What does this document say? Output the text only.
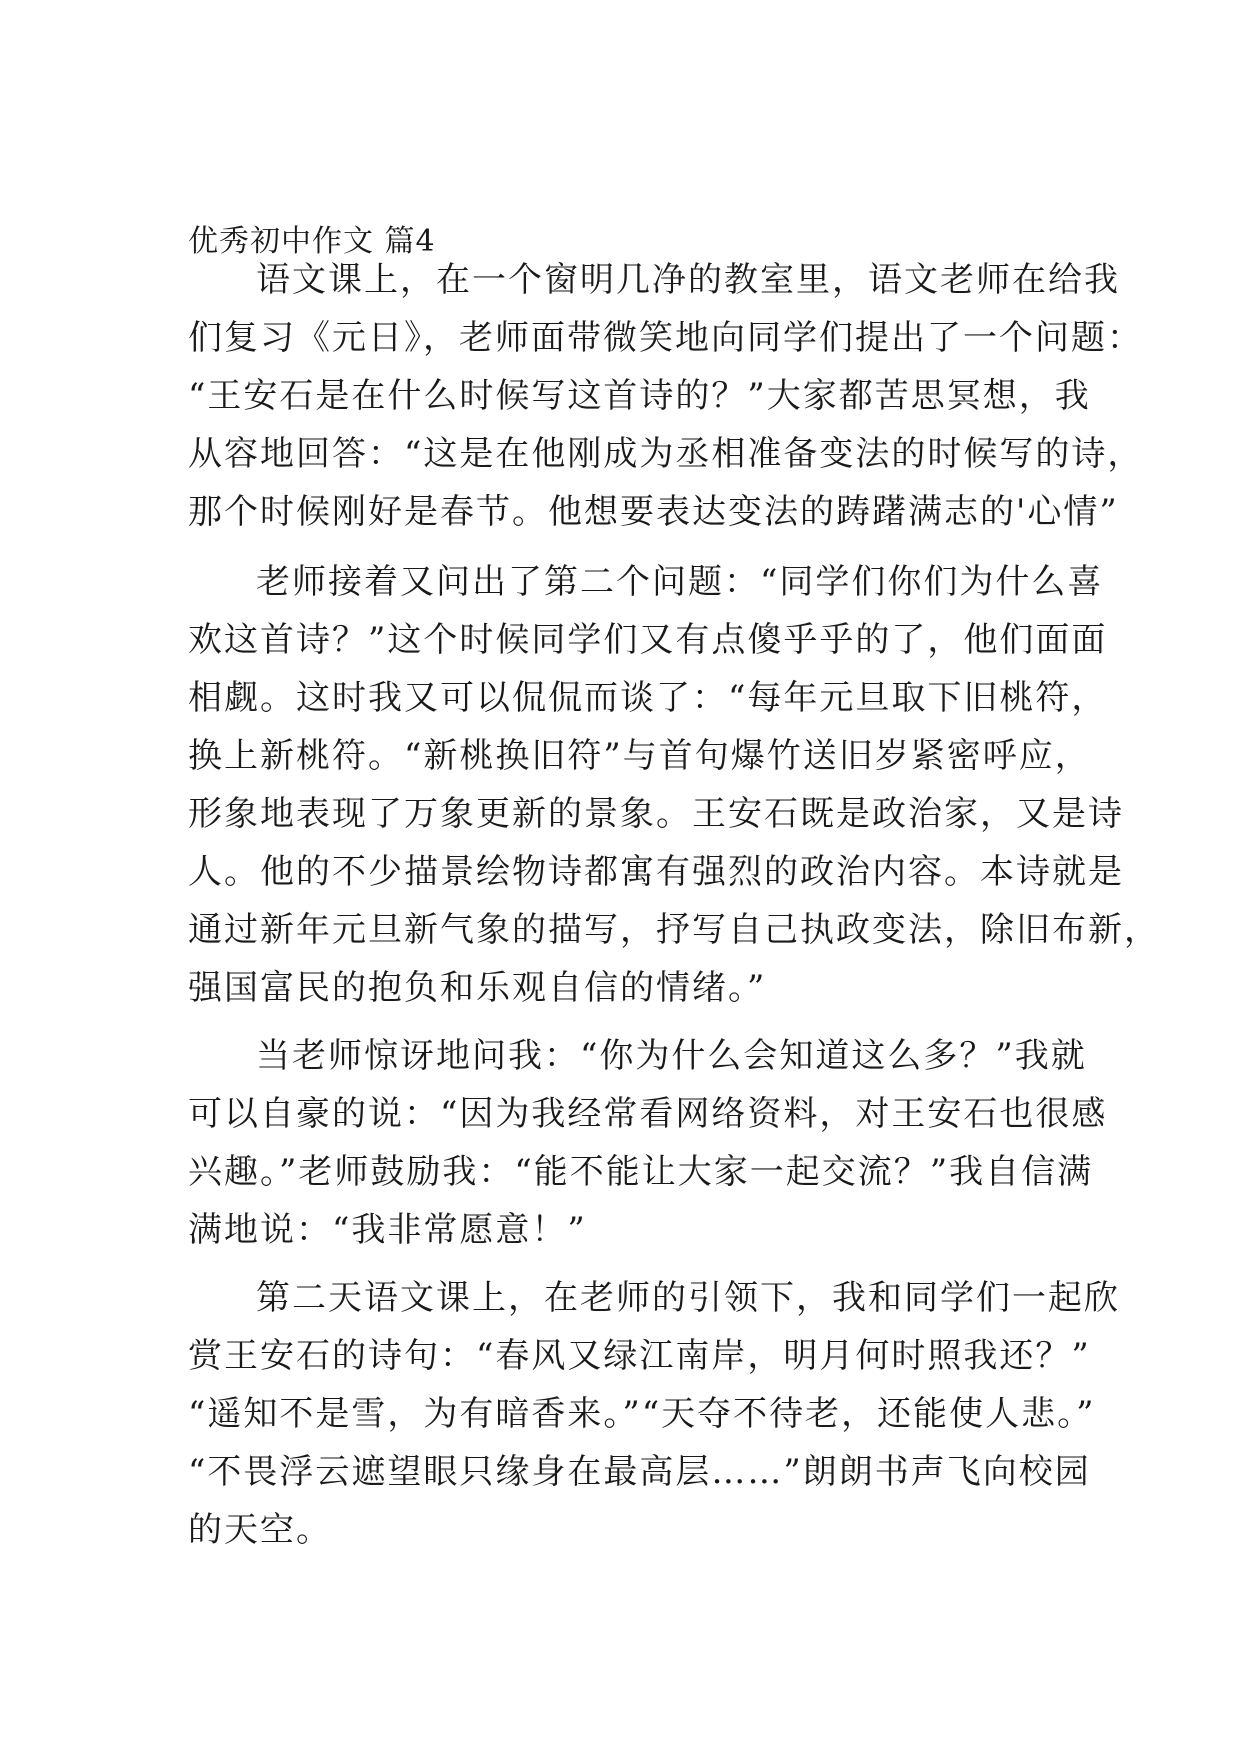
优秀初中作文 篇4

语文课上，在一个窗明几净的教室里，语文老师在给我

们复习《元日》，老师面带微笑地向同学们提出了一个问题：

“王安石是在什么时候写这首诗的？”大家都苦思冥想，我

从容地回答：“这是在他刚成为丞相准备变法的时候写的诗，

那个时候刚好是春节。他想要表达变法的踌躇满志的'心情”

老师接着又问出了第二个问题：“同学们你们为什么喜

欢这首诗？”这个时候同学们又有点傻乎乎的了，他们面面

相觑。这时我又可以侃侃而谈了：“每年元旦取下旧桃符，

换上新桃符。“新桃换旧符”与首句爆竹送旧岁紧密呼应，

形象地表现了万象更新的景象。王安石既是政治家，又是诗

人。他的不少描景绘物诗都寓有强烈的政治内容。本诗就是

通过新年元旦新气象的描写，抒写自己执政变法，除旧布新，

强国富民的抱负和乐观自信的情绪。”

当老师惊讶地问我：“你为什么会知道这么多？”我就

可以自豪的说：“因为我经常看网络资料，对王安石也很感

兴趣。”老师鼓励我：“能不能让大家一起交流？”我自信满

满地说：“我非常愿意！”

第二天语文课上，在老师的引领下，我和同学们一起欣

赏王安石的诗句：“春风又绿江南岸，明月何时照我还？”

“遥知不是雪，为有暗香来。”“天夺不待老，还能使人悲。”

“不畏浮云遮望眼只缘身在最高层……”朗朗书声飞向校园

的天空。
